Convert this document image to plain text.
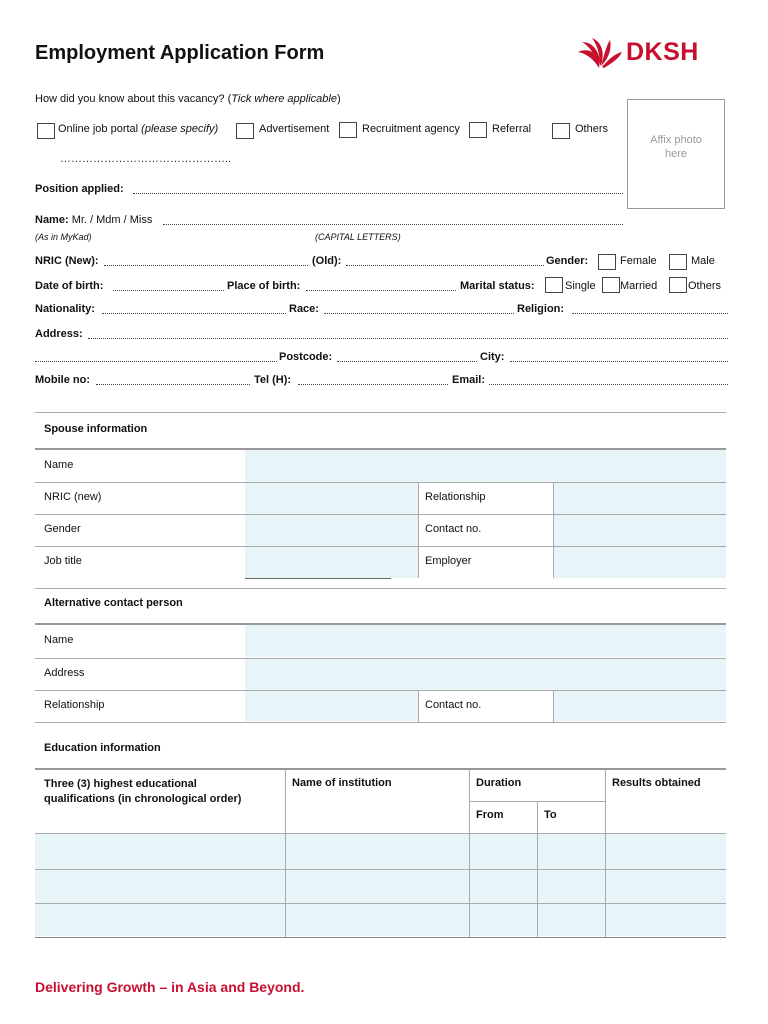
Employment Application Form	DKSH
How did you know about this vacancy? (Tick where applicable)
Online job portal (please specify)	Advertisement	Recruitment agency	Referral	Others
………………………………………..
Affix photo
here
Position applied:
Name: Mr. / Mdm / Miss
(As in MyKad)	(CAPITAL LETTERS)
NRIC (New):	(Old):	Gender:	Female	Male
Date of birth:	Place of birth:	Marital status:	Single Married	Others
Nationality:	Race:	Religion:
Address:
Postcode:	City:
Mobile no:	Tel (H):	Email:
Spouse information
Name
NRIC (new)	Relationship
Gender	Contact no.
Job title	Employer
Alternative contact person
Name
Address
Relationship	Contact no.
Education information
Three (3) highest educational
qualifications (in chronological order)
Name of institution	Duration	Results obtained
From	To
Delivering Growth – in Asia and Beyond.
